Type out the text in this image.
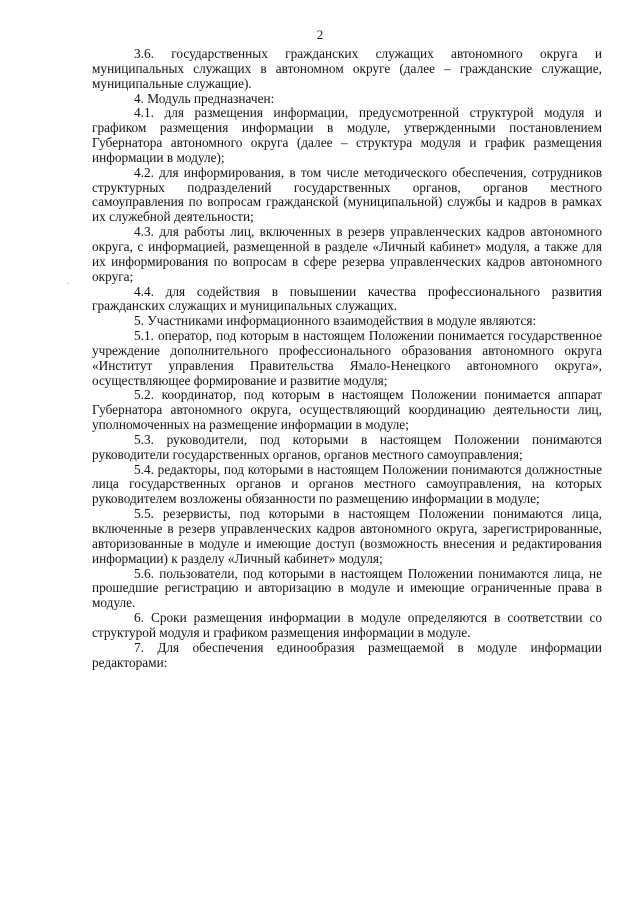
2
.

3.6. государственных гражданских служащих автономного округа и муниципальных служащих в автономном округе (далее – гражданские служащие, муниципальные служащие).

4. Модуль предназначен:

4.1. для размещения информации, предусмотренной структурой модуля и графиком размещения информации в модуле, утвержденными постановлением Губернатора автономного округа (далее – структура модуля и график размещения информации в модуле);

4.2. для информирования, в том числе методического обеспечения, сотрудников структурных подразделений государственных органов, органов местного самоуправления по вопросам гражданской (муниципальной) службы и кадров в рамках их служебной деятельности;

4.3. для работы лиц, включенных в резерв управленческих кадров автономного округа, с информацией, размещенной в разделе «Личный кабинет» модуля, а также для их информирования по вопросам в сфере резерва управленческих кадров автономного округа;

4.4. для содействия в повышении качества профессионального развития гражданских служащих и муниципальных служащих.

5. Участниками информационного взаимодействия в модуле являются:

5.1. оператор, под которым в настоящем Положении понимается государственное учреждение дополнительного профессионального образования автономного округа «Институт управления Правительства Ямало-Ненецкого автономного округа», осуществляющее формирование и развитие модуля;

5.2. координатор, под которым в настоящем Положении понимается аппарат Губернатора автономного округа, осуществляющий координацию деятельности лиц, уполномоченных на размещение информации в модуле;

5.3. руководители, под которыми в настоящем Положении понимаются руководители государственных органов, органов местного самоуправления;

5.4. редакторы, под которыми в настоящем Положении понимаются должностные лица государственных органов и органов местного самоуправления, на которых руководителем возложены обязанности по размещению информации в модуле;

5.5. резервисты, под которыми в настоящем Положении понимаются лица, включенные в резерв управленческих кадров автономного округа, зарегистрированные, авторизованные в модуле и имеющие доступ (возможность внесения и редактирования информации) к разделу «Личный кабинет» модуля;

5.6. пользователи, под которыми в настоящем Положении понимаются лица, не прошедшие регистрацию и авторизацию в модуле и имеющие ограниченные права в модуле.

6. Сроки размещения информации в модуле определяются в соответствии со структурой модуля и графиком размещения информации в модуле.

7. Для обеспечения единообразия размещаемой в модуле информации редакторами:
